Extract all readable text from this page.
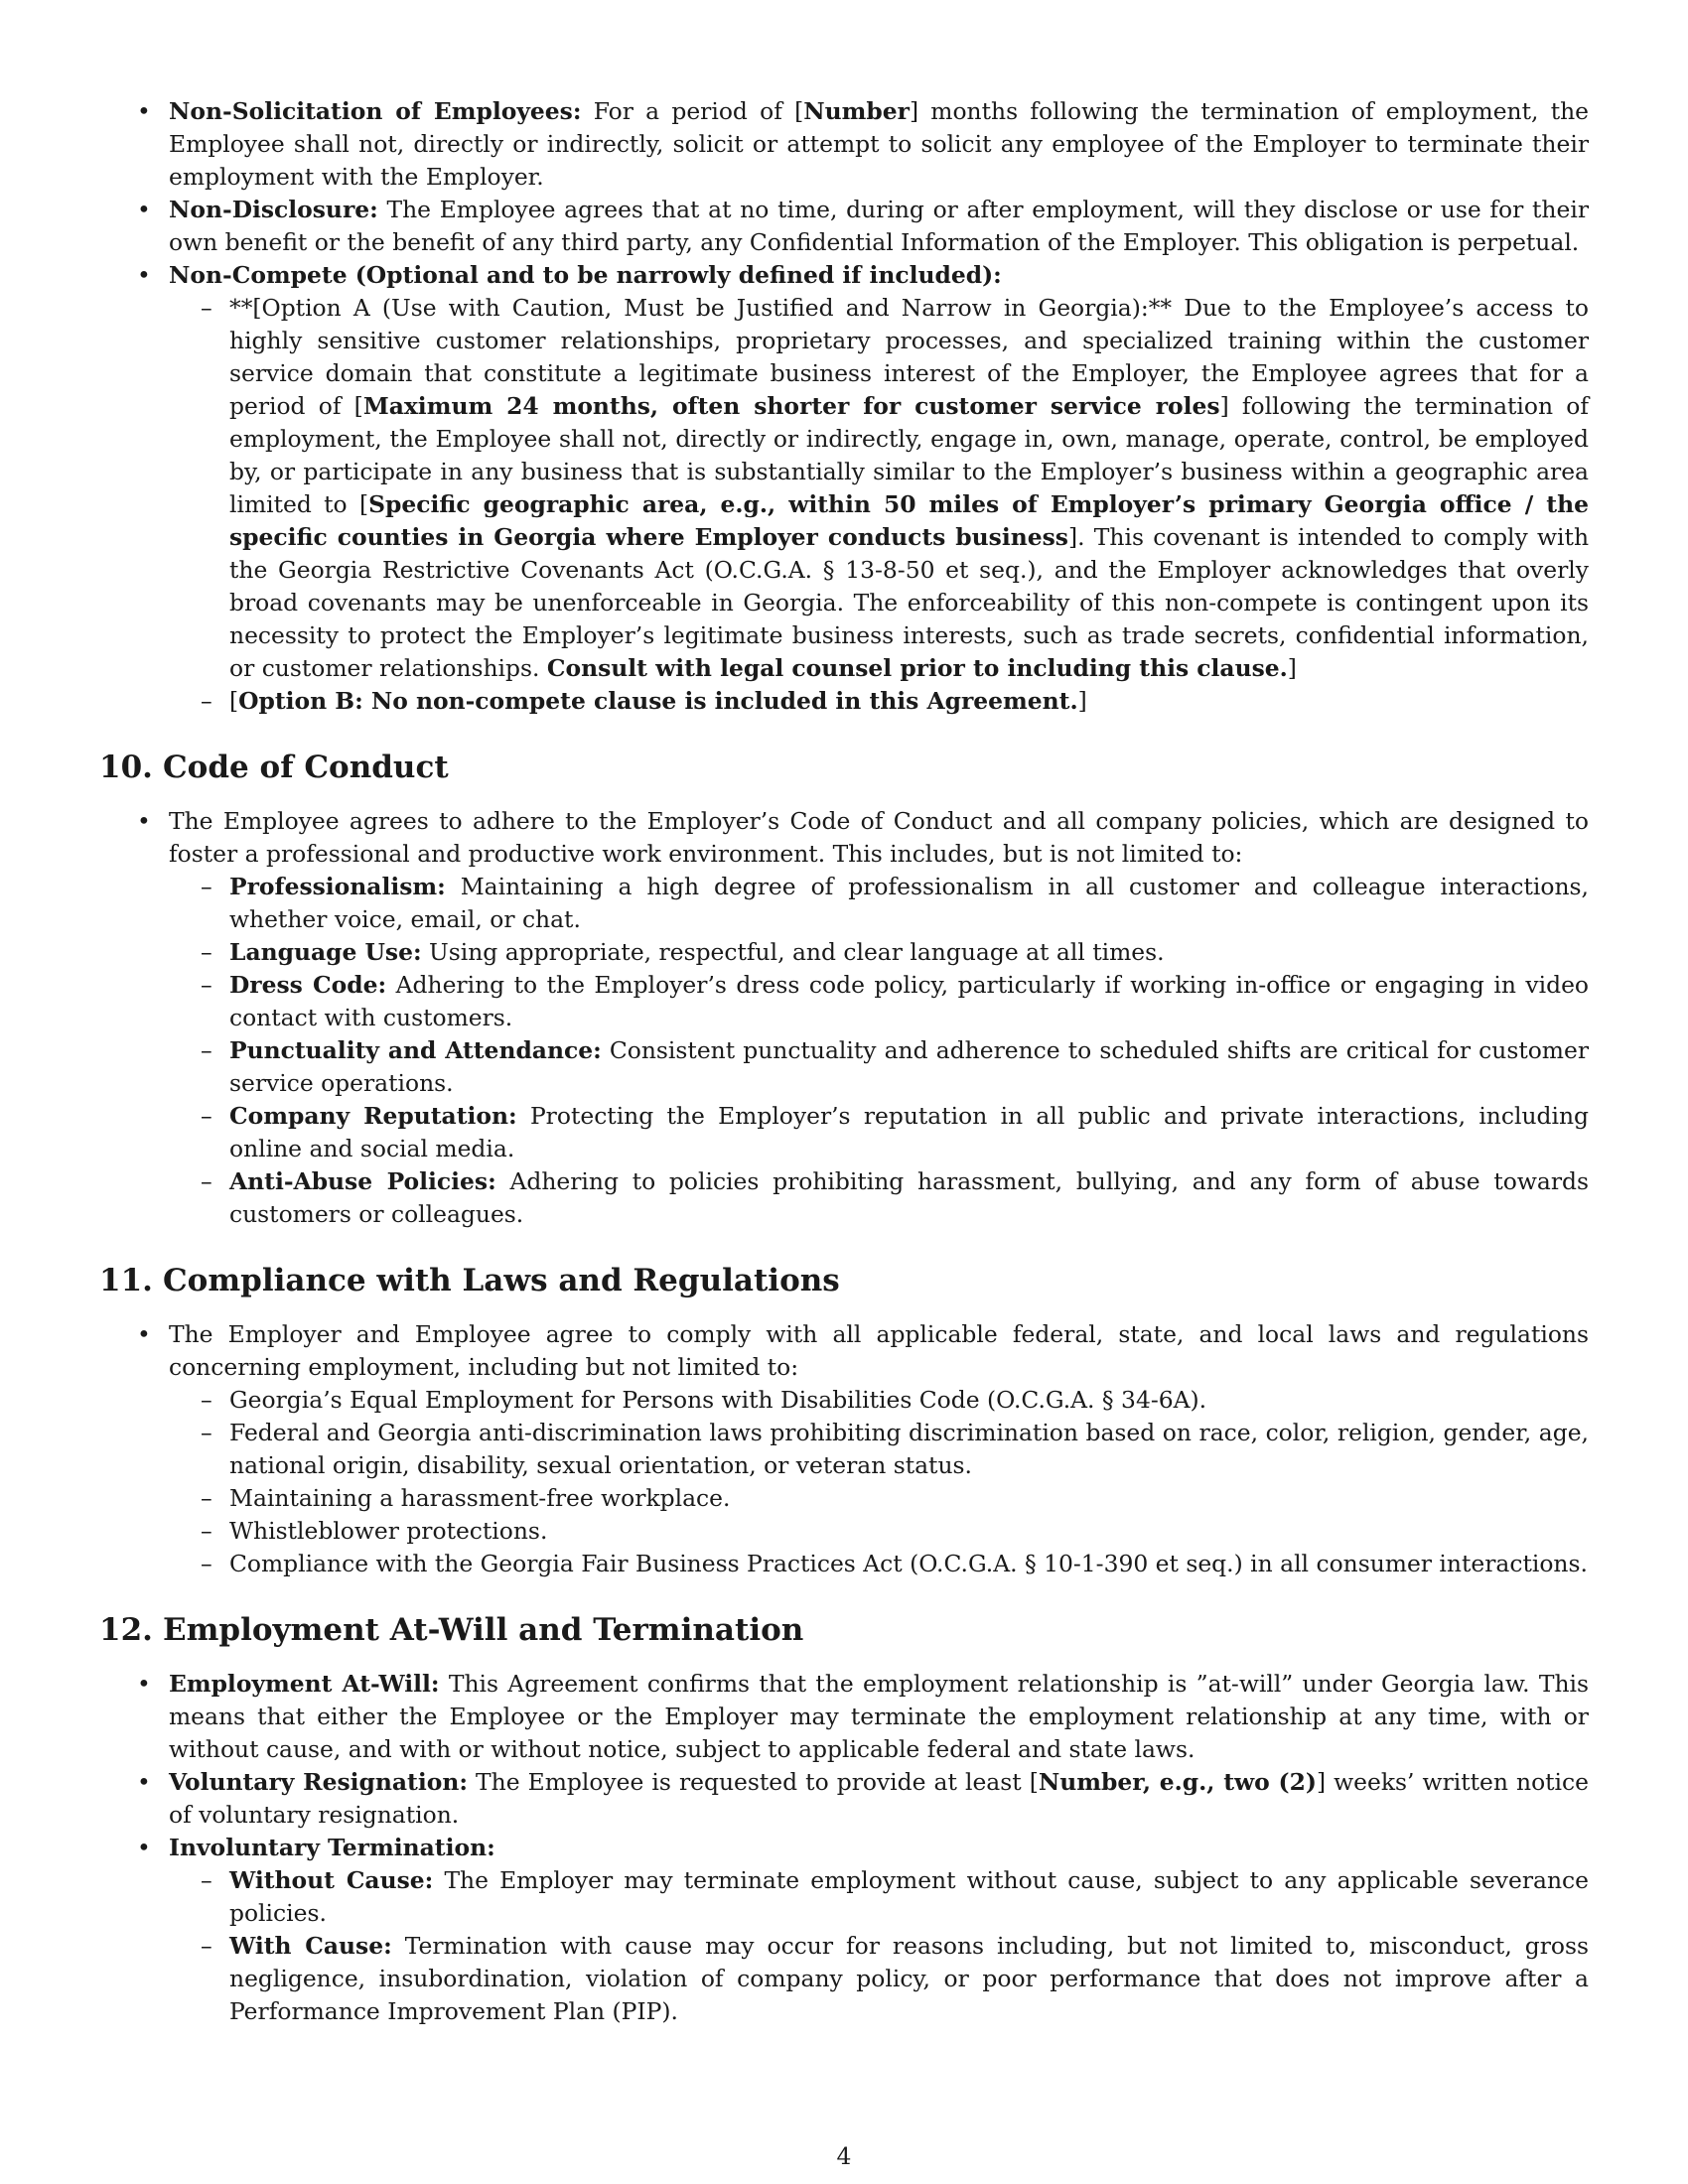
• Non-Solicitation of Employees: For a period of [Number] months following the termination of employment, the Employee shall not, directly or indirectly, solicit or attempt to solicit any employee of the Employer to terminate their employment with the Employer.
• Non-Disclosure: The Employee agrees that at no time, during or after employment, will they disclose or use for their own benefit or the benefit of any third party, any Confidential Information of the Employer. This obligation is perpetual.
• Non-Compete (Optional and to be narrowly defined if included):
– **[Option A (Use with Caution, Must be Justified and Narrow in Georgia):** Due to the Employee’s access to highly sensitive customer relationships, proprietary processes, and specialized training within the customer service domain that constitute a legitimate business interest of the Employer, the Employee agrees that for a period of [Maximum 24 months, often shorter for customer service roles] following the termination of employment, the Employee shall not, directly or indirectly, engage in, own, manage, operate, control, be employed by, or participate in any business that is substantially similar to the Employer’s business within a geographic area limited to [Specific geographic area, e.g., within 50 miles of Employer’s primary Georgia office / the specific counties in Georgia where Employer conducts business]. This covenant is intended to comply with the Georgia Restrictive Covenants Act (O.C.G.A. § 13-8-50 et seq.), and the Employer acknowledges that overly broad covenants may be unenforceable in Georgia. The enforceability of this non-compete is contingent upon its necessity to protect the Employer’s legitimate business interests, such as trade secrets, confidential information, or customer relationships. Consult with legal counsel prior to including this clause.]
– [Option B: No non-compete clause is included in this Agreement.]
10. Code of Conduct
• The Employee agrees to adhere to the Employer’s Code of Conduct and all company policies, which are designed to foster a professional and productive work environment. This includes, but is not limited to:
– Professionalism: Maintaining a high degree of professionalism in all customer and colleague interactions, whether voice, email, or chat.
– Language Use: Using appropriate, respectful, and clear language at all times.
– Dress Code: Adhering to the Employer’s dress code policy, particularly if working in-office or engaging in video contact with customers.
– Punctuality and Attendance: Consistent punctuality and adherence to scheduled shifts are critical for customer service operations.
– Company Reputation: Protecting the Employer’s reputation in all public and private interactions, including online and social media.
– Anti-Abuse Policies: Adhering to policies prohibiting harassment, bullying, and any form of abuse towards customers or colleagues.
11. Compliance with Laws and Regulations
• The Employer and Employee agree to comply with all applicable federal, state, and local laws and regulations concerning employment, including but not limited to:
– Georgia’s Equal Employment for Persons with Disabilities Code (O.C.G.A. § 34-6A).
– Federal and Georgia anti-discrimination laws prohibiting discrimination based on race, color, religion, gender, age, national origin, disability, sexual orientation, or veteran status.
– Maintaining a harassment-free workplace.
– Whistleblower protections.
– Compliance with the Georgia Fair Business Practices Act (O.C.G.A. § 10-1-390 et seq.) in all consumer interactions.
12. Employment At-Will and Termination
• Employment At-Will: This Agreement confirms that the employment relationship is ”at-will” under Georgia law. This means that either the Employee or the Employer may terminate the employment relationship at any time, with or without cause, and with or without notice, subject to applicable federal and state laws.
• Voluntary Resignation: The Employee is requested to provide at least [Number, e.g., two (2)] weeks’ written notice of voluntary resignation.
• Involuntary Termination:
– Without Cause: The Employer may terminate employment without cause, subject to any applicable severance policies.
– With Cause: Termination with cause may occur for reasons including, but not limited to, misconduct, gross negligence, insubordination, violation of company policy, or poor performance that does not improve after a Performance Improvement Plan (PIP).
4
